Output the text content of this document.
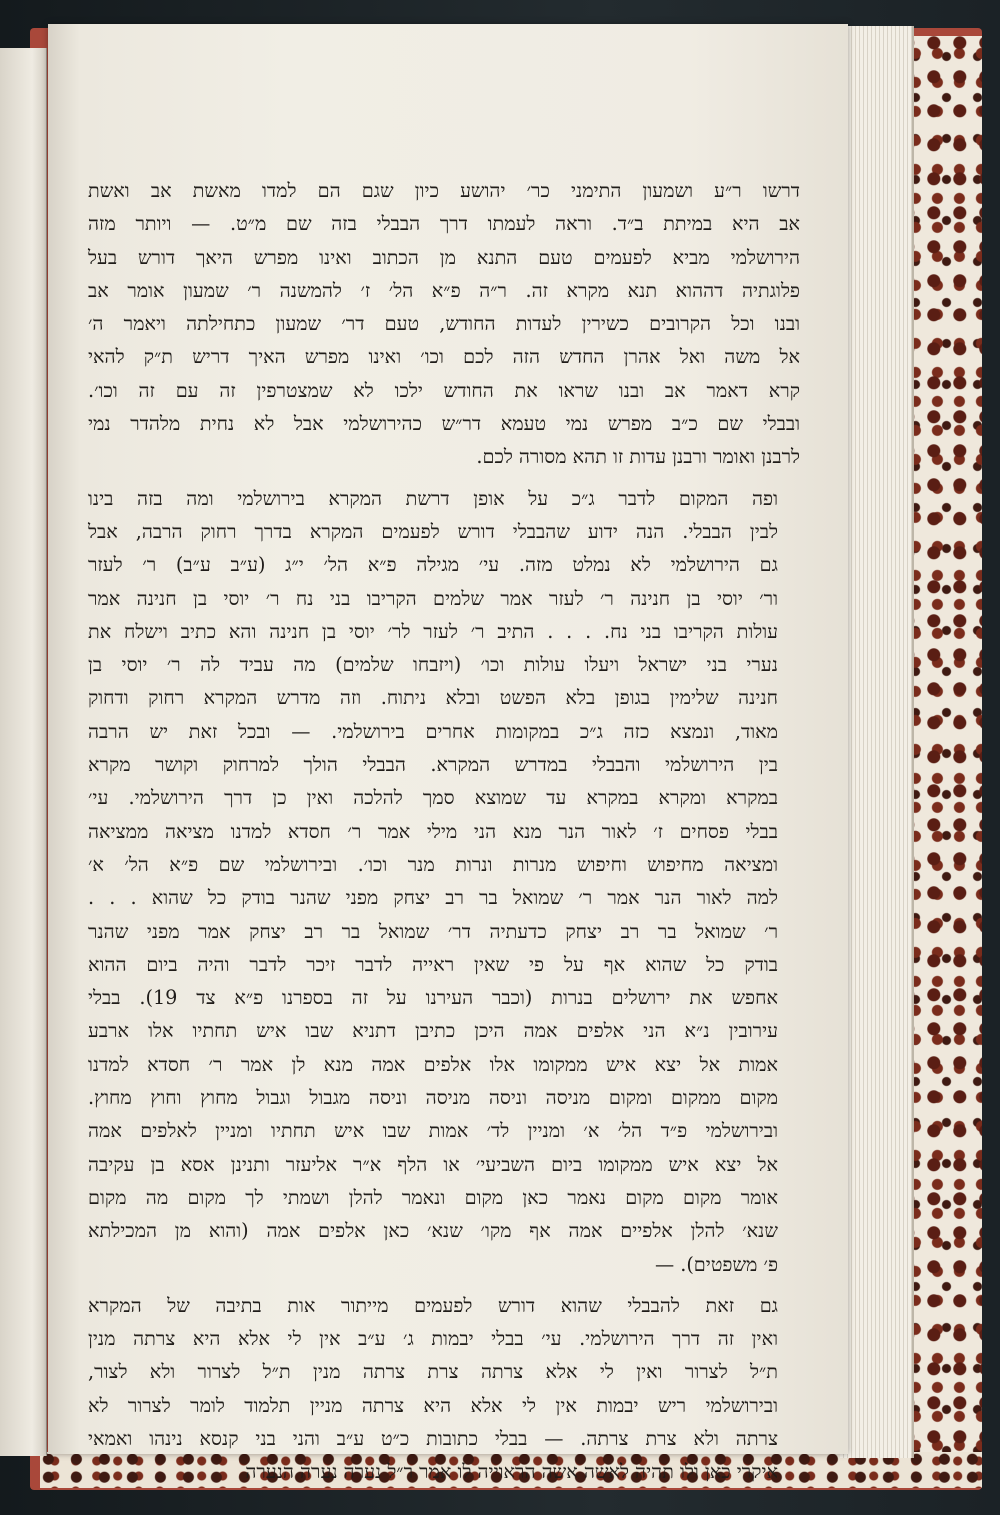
דרשו ר״ע ושמעון התימני כר׳ יהושע כיון שגם הם למדו מאשת אב ואשת
אב היא במיתת ב״ד. וראה לעמתו דרך הבבלי בזה שם מ״ט. — ויותר מזה
הירושלמי מביא לפעמים טעם התנא מן הכתוב ואינו מפרש היאך דורש בעל
פלוגתיה דההוא תנא מקרא זה. ר״ה פ״א הל׳ ז׳ להמשנה ר׳ שמעון אומר אב
ובנו וכל הקרובים כשירין לעדות החודש, טעם דר׳ שמעון כתחילתה ויאמר ה׳
אל משה ואל אהרן החדש הזה לכם וכו׳ ואינו מפרש האיך דריש ת״ק להאי
קרא דאמר אב ובנו שראו את החודש ילכו לא שמצטרפין זה עם זה וכו׳.
ובבלי שם כ״ב מפרש נמי טעמא דר״ש כהירושלמי אבל לא נחית מלהדר נמי
לרבנן ואומר ורבנן עדות זו תהא מסורה לכם.

ופה המקום לדבר ג״כ על אופן דרשת המקרא בירושלמי ומה בזה בינו
לבין הבבלי. הנה ידוע שהבבלי דורש לפעמים המקרא בדרך רחוק הרבה, אבל
גם הירושלמי לא נמלט מזה. עי׳ מגילה פ״א הל׳ י״ג (ע״ב ע״ב) ר׳ לעזר
ור׳ יוסי בן חנינה ר׳ לעזר אמר שלמים הקריבו בני נח ר׳ יוסי בן חנינה אמר
עולות הקריבו בני נח. . . . התיב ר׳ לעזר לר׳ יוסי בן חנינה והא כתיב וישלח את
נערי בני ישראל ויעלו עולות וכו׳ (ויזבחו שלמים) מה עביד לה ר׳ יוסי בן
חנינה שלימין בגופן בלא הפשט ובלא ניתוח. וזה מדרש המקרא רחוק ודחוק
מאוד, ונמצא כזה ג״כ במקומות אחרים בירושלמי. — ובכל זאת יש הרבה
בין הירושלמי והבבלי במדרש המקרא. הבבלי הולך למרחוק וקושר מקרא
במקרא ומקרא במקרא עד שמוצא סמך להלכה ואין כן דרך הירושלמי. עי׳
בבלי פסחים ז׳ לאור הנר מנא הני מילי אמר ר׳ חסדא למדנו מציאה ממציאה
ומציאה מחיפוש וחיפוש מנרות ונרות מנר וכו׳. ובירושלמי שם פ״א הל׳ א׳
למה לאור הנר אמר ר׳ שמואל בר רב יצחק מפני שהנר בודק כל שהוא . . .
ר׳ שמואל בר רב יצחק כדעתיה דר׳ שמואל בר רב יצחק אמר מפני שהנר
בודק כל שהוא אף על פי שאין ראייה לדבר זיכר לדבר והיה ביום ההוא
אחפש את ירושלים בנרות (וכבר העירנו על זה בספרנו פ״א צד 19). בבלי
עירובין נ״א הני אלפים אמה היכן כתיבן דתניא שבו איש תחתיו אלו ארבע
אמות אל יצא איש ממקומו אלו אלפים אמה מנא לן אמר ר׳ חסדא למדנו
מקום ממקום ומקום מניסה וניסה מניסה וניסה מגבול וגבול מחוץ וחוץ מחוץ.
ובירושלמי פ״ד הל׳ א׳ ומניין לד׳ אמות שבו איש תחתיו ומניין לאלפים אמה
אל יצא איש ממקומו ביום השביעי׳ או הלף א״ר אליעזר ותנינן אסא בן עקיבה
אומר מקום מקום נאמר כאן מקום ונאמר להלן ושמתי לך מקום מה מקום
שנא׳ להלן אלפיים אמה אף מקו׳ שנא׳ כאן אלפים אמה (והוא מן המכילתא
פ׳ משפטים). —

גם זאת להבבלי שהוא דורש לפעמים מייתור אות בתיבה של המקרא
ואין זה דרך הירושלמי. עי׳ בבלי יבמות ג׳ ע״ב אין לי אלא היא צרתה מנין
ת״ל לצרור ואין לי אלא צרתה צרת צרתה מנין ת״ל לצרור ולא לצור,
ובירושלמי ריש יבמות אין לי אלא היא צרתה מניין תלמוד לומר לצרור לא
צרתה ולא צרת צרתה. — בבלי כתובות כ״ט ע״ב והני בני קנסא נינהו ואמאי
איקרי כאן ולו תהיה לאשה אשה הראוייה לו אמר ר״ל נערה נערה הנערה
